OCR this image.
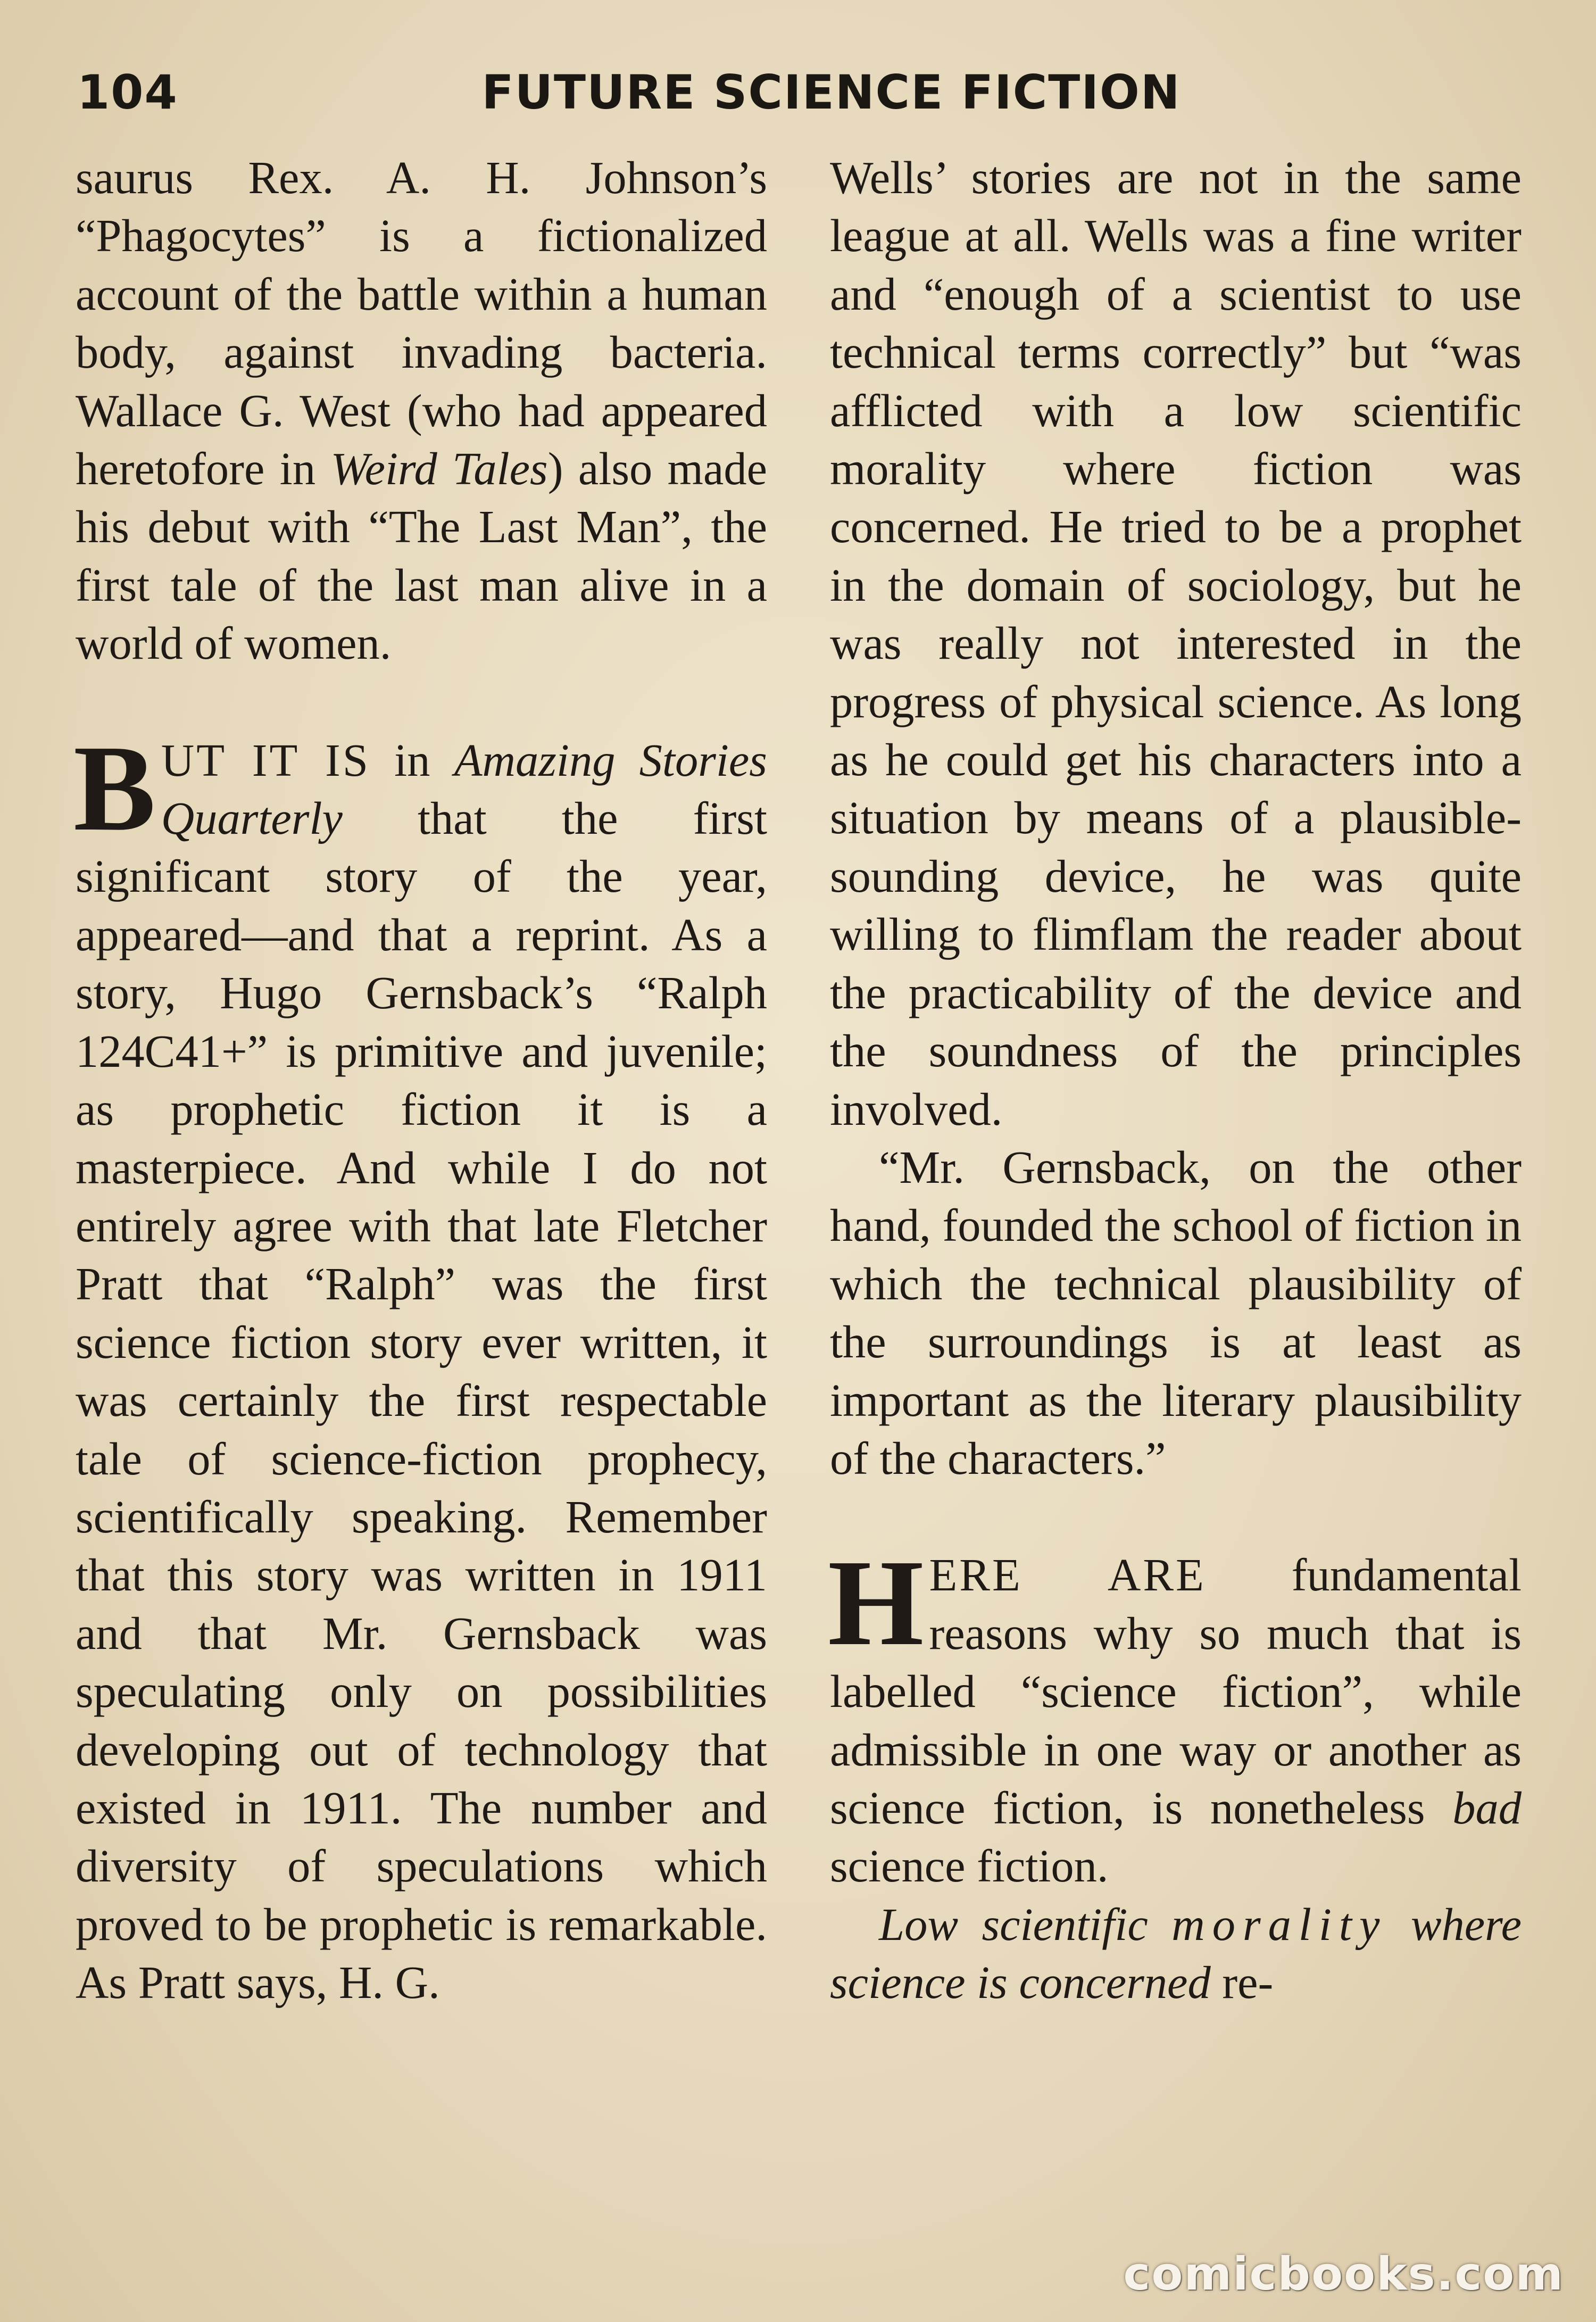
104	FUTURE SCIENCE FICTION

saurus Rex. A. H. Johnson’s “Phagocytes” is a fictionalized account of the battle within a human body, against invading bacteria. Wallace G. West (who had appeared heretofore in Weird Tales) also made his debut with “The Last Man”, the first tale of the last man alive in a world of women.

BUT IT IS in Amazing Stories Quarterly that the first significant story of the year, appeared—and that a reprint. As a story, Hugo Gernsback’s “Ralph 124C41+” is primitive and juvenile; as prophetic fiction it is a masterpiece. And while I do not entirely agree with that late Fletcher Pratt that “Ralph” was the first science fiction story ever written, it was certainly the first respectable tale of science-fiction prophecy, scientifically speaking. Remember that this story was written in 1911 and that Mr. Gernsback was speculating only on possibilities developing out of technology that existed in 1911. The number and diversity of speculations which proved to be prophetic is remarkable. As Pratt says, H. G.

Wells’ stories are not in the same league at all. Wells was a fine writer and “enough of a scientist to use technical terms correctly” but “was afflicted with a low scientific morality where fiction was concerned. He tried to be a prophet in the domain of sociology, but he was really not interested in the progress of physical science. As long as he could get his characters into a situation by means of a plausible-sounding device, he was quite willing to flimflam the reader about the practicability of the device and the soundness of the principles involved.

“Mr. Gernsback, on the other hand, founded the school of fiction in which the technical plausibility of the surroundings is at least as important as the literary plausibility of the characters.”

HERE ARE fundamental reasons why so much that is labelled “science fiction”, while admissible in one way or another as science fiction, is nonetheless bad science fiction.

Low scientific morality where science is concerned re-

comicbooks.com
